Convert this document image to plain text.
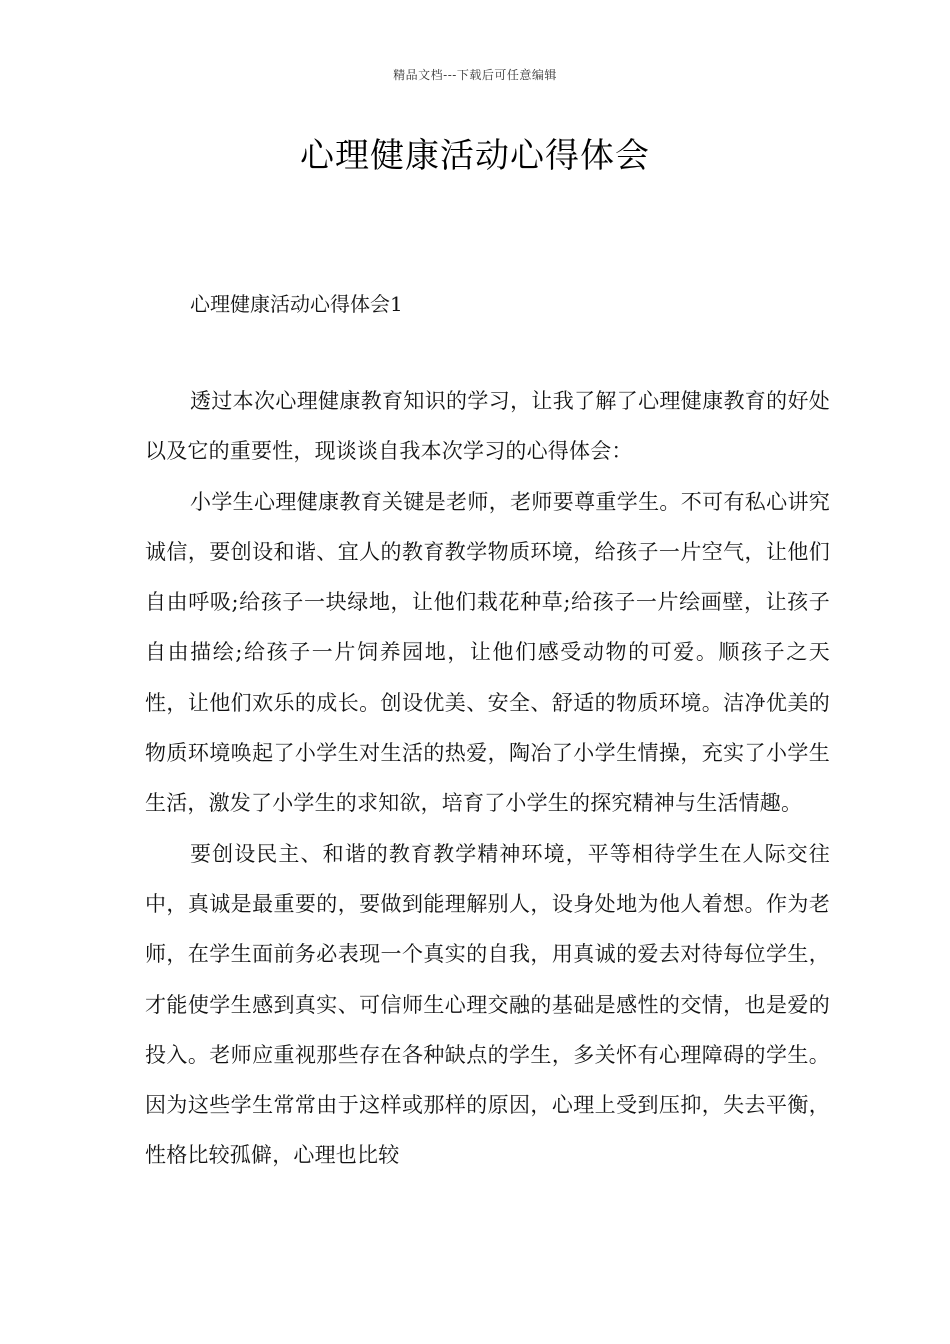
精品文档---下载后可任意编辑
心理健康活动心得体会
心理健康活动心得体会1

透过本次心理健康教育知识的学习，让我了解了心理健康教育的好处以及它的重要性，现谈谈自我本次学习的心得体会：

小学生心理健康教育关键是老师，老师要尊重学生。不可有私心讲究诚信，要创设和谐、宜人的教育教学物质环境，给孩子一片空气，让他们自由呼吸;给孩子一块绿地，让他们栽花种草;给孩子一片绘画壁，让孩子自由描绘;给孩子一片饲养园地，让他们感受动物的可爱。顺孩子之天性，让他们欢乐的成长。创设优美、安全、舒适的物质环境。洁净优美的物质环境唤起了小学生对生活的热爱，陶冶了小学生情操，充实了小学生生活，激发了小学生的求知欲，培育了小学生的探究精神与生活情趣。

要创设民主、和谐的教育教学精神环境，平等相待学生在人际交往中，真诚是最重要的，要做到能理解别人，设身处地为他人着想。作为老师，在学生面前务必表现一个真实的自我，用真诚的爱去对待每位学生，才能使学生感到真实、可信师生心理交融的基础是感性的交情，也是爱的投入。老师应重视那些存在各种缺点的学生，多关怀有心理障碍的学生。因为这些学生常常由于这样或那样的原因，心理上受到压抑，失去平衡，性格比较孤僻，心理也比较
